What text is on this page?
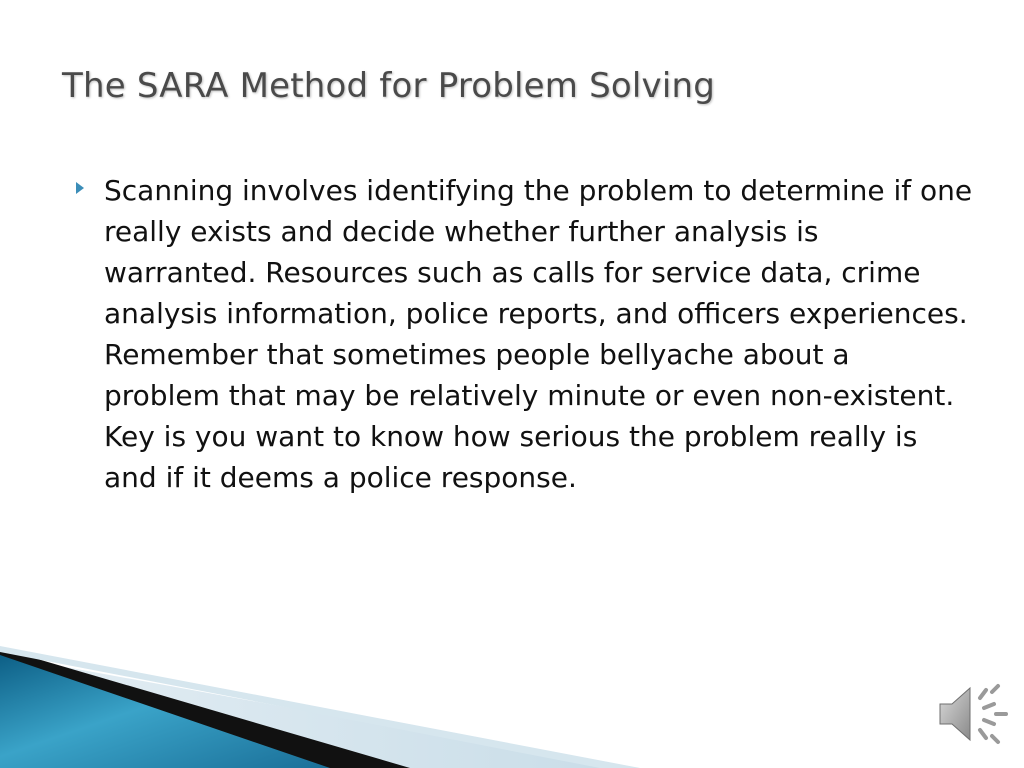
The SARA Method for Problem Solving
Scanning involves identifying the problem to determine if one really exists and decide whether further analysis is warranted. Resources such as calls for service data, crime analysis information, police reports, and officers experiences. Remember that sometimes people bellyache about a problem that may be relatively minute or even non-existent. Key is you want to know how serious the problem really is and if it deems a police response.
